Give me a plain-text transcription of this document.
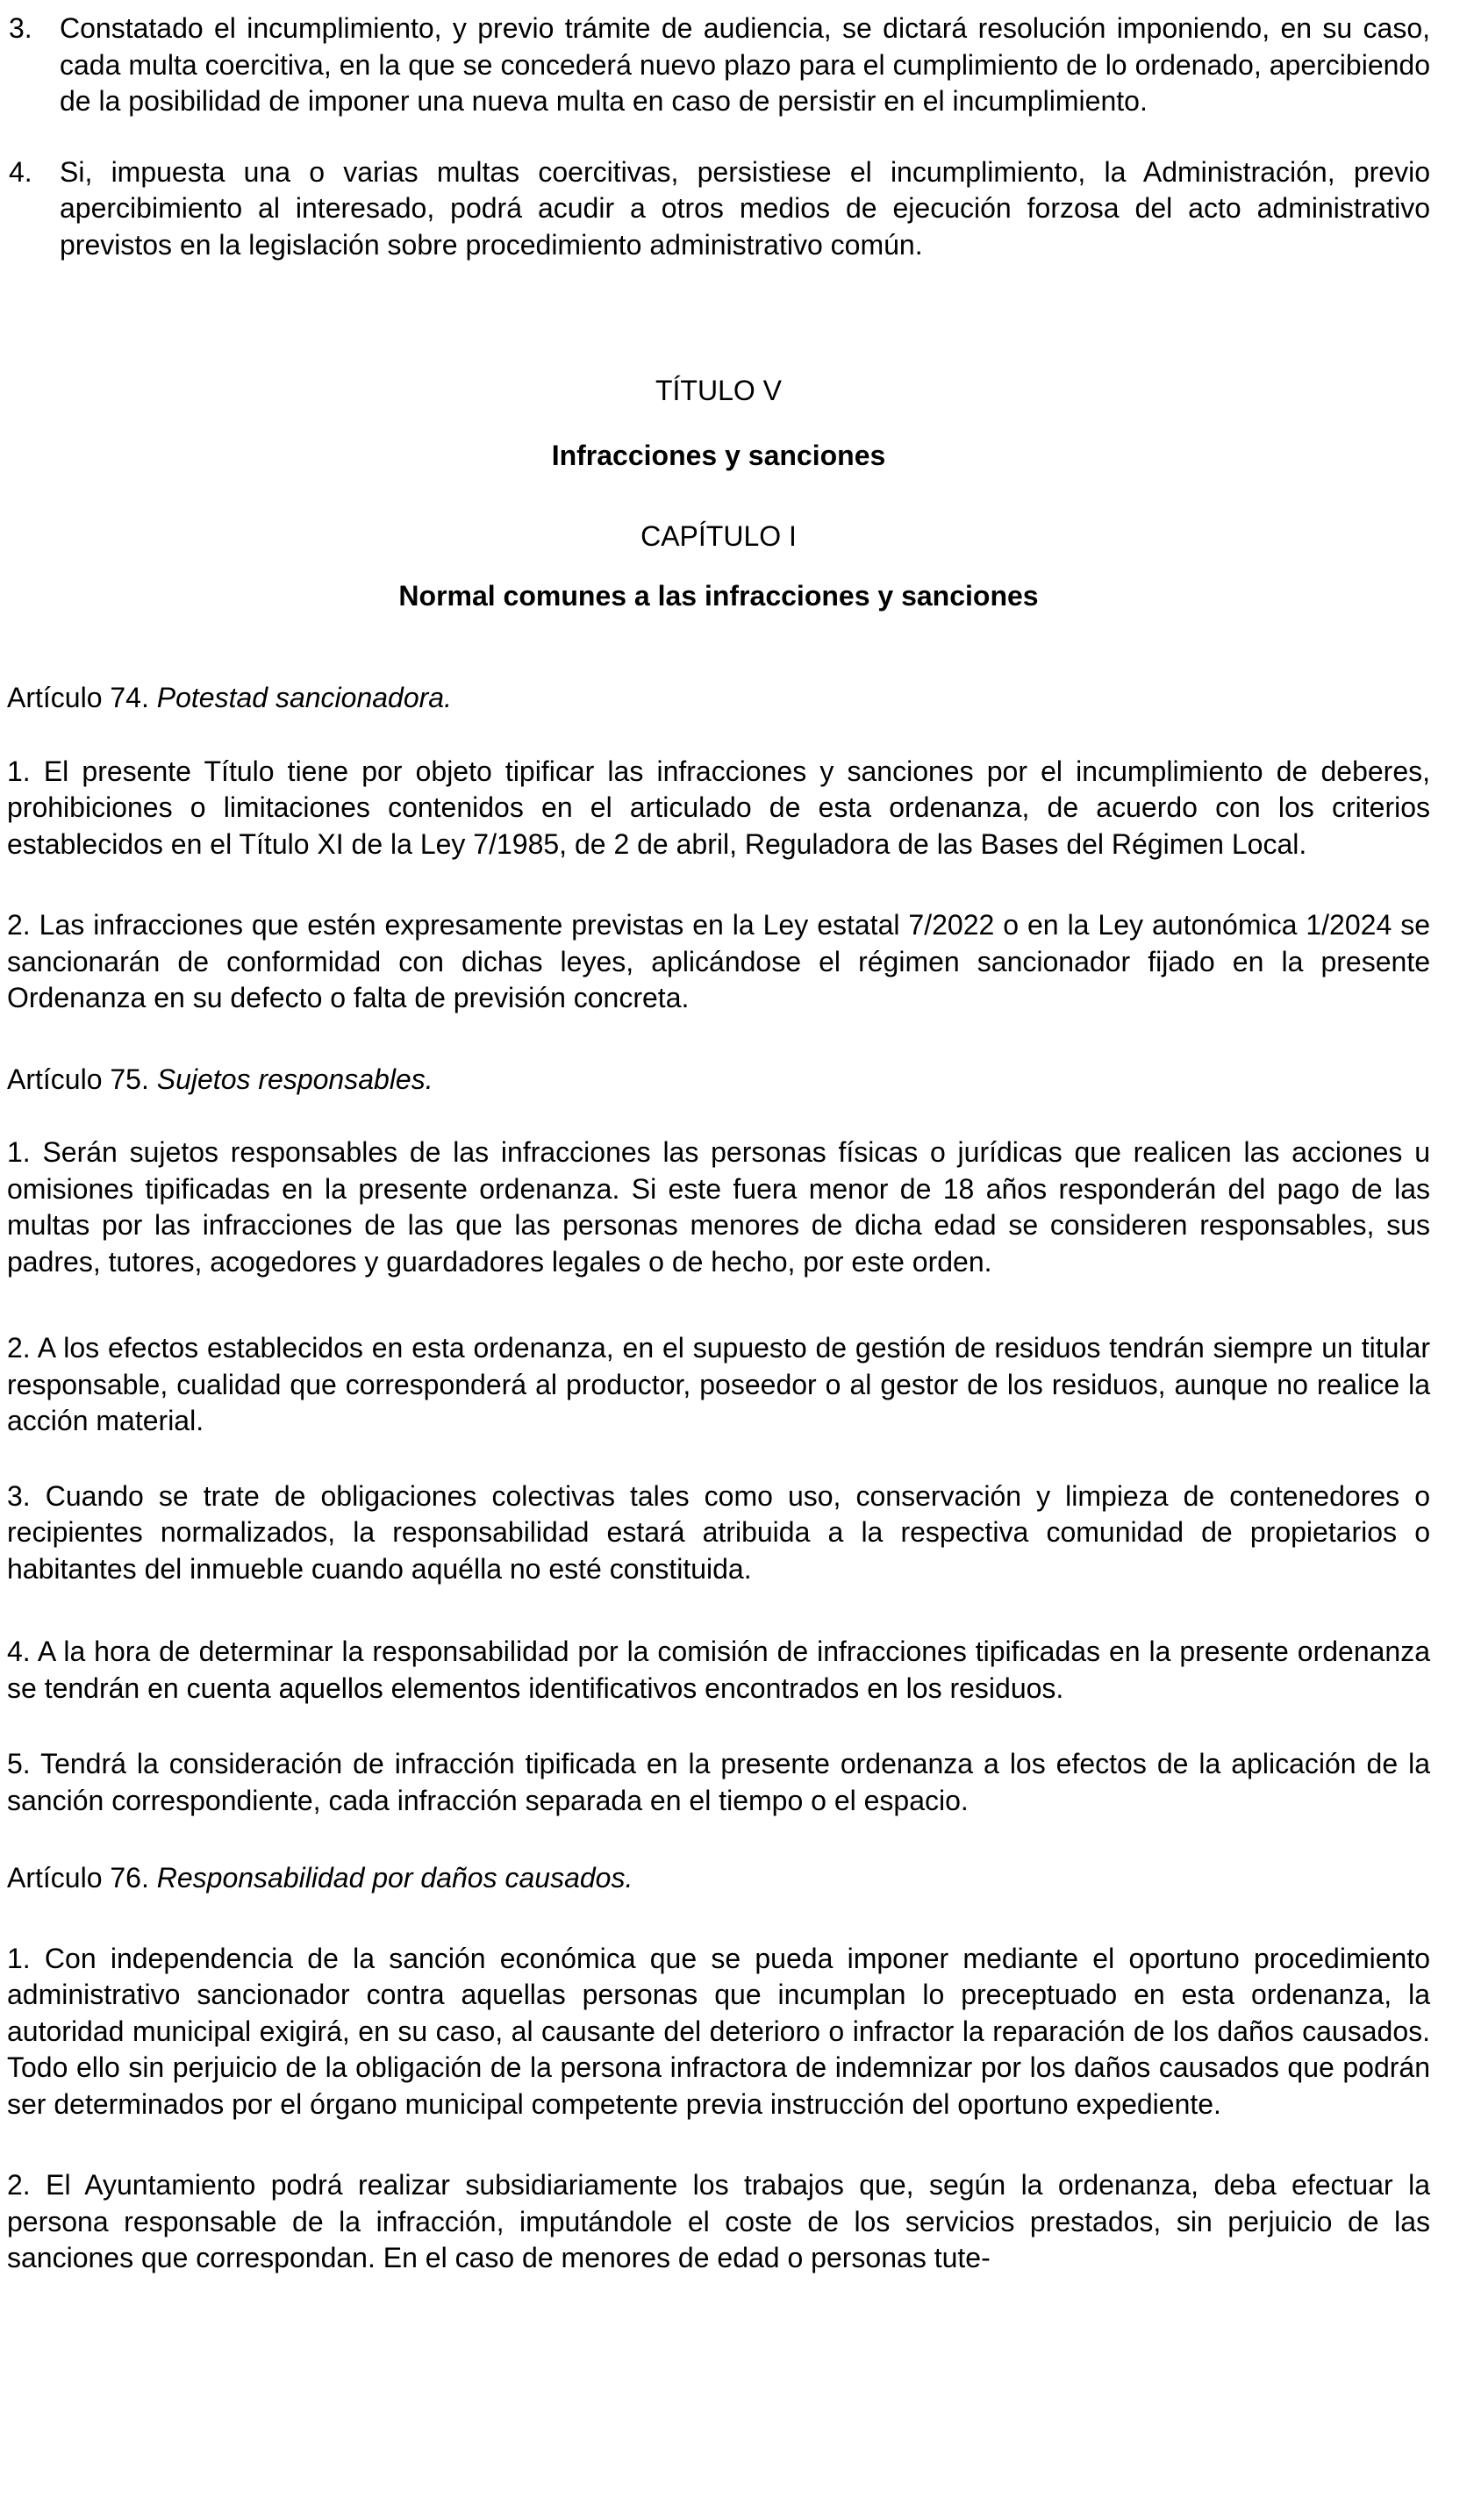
3. Constatado el incumplimiento, y previo trámite de audiencia, se dictará resolución imponiendo, en su caso, cada multa coercitiva, en la que se concederá nuevo plazo para el cumplimiento de lo ordenado, apercibiendo de la posibilidad de imponer una nueva multa en caso de persistir en el incumplimiento.
4. Si, impuesta una o varias multas coercitivas, persistiese el incumplimiento, la Administración, previo apercibimiento al interesado, podrá acudir a otros medios de ejecución forzosa del acto administrativo previstos en la legislación sobre procedimiento administrativo común.

TÍTULO V

Infracciones y sanciones

CAPÍTULO I

Normal comunes a las infracciones y sanciones

Artículo 74. Potestad sancionadora.

1. El presente Título tiene por objeto tipificar las infracciones y sanciones por el incumplimiento de deberes, prohibiciones o limitaciones contenidos en el articulado de esta ordenanza, de acuerdo con los criterios establecidos en el Título XI de la Ley 7/1985, de 2 de abril, Reguladora de las Bases del Régimen Local.

2. Las infracciones que estén expresamente previstas en la Ley estatal 7/2022 o en la Ley autonómica 1/2024 se sancionarán de conformidad con dichas leyes, aplicándose el régimen sancionador fijado en la presente Ordenanza en su defecto o falta de previsión concreta.

Artículo 75. Sujetos responsables.

1. Serán sujetos responsables de las infracciones las personas físicas o jurídicas que realicen las acciones u omisiones tipificadas en la presente ordenanza. Si este fuera menor de 18 años responderán del pago de las multas por las infracciones de las que las personas menores de dicha edad se consideren responsables, sus padres, tutores, acogedores y guardadores legales o de hecho, por este orden.

2. A los efectos establecidos en esta ordenanza, en el supuesto de gestión de residuos tendrán siempre un titular responsable, cualidad que corresponderá al productor, poseedor o al gestor de los residuos, aunque no realice la acción material.

3. Cuando se trate de obligaciones colectivas tales como uso, conservación y limpieza de contenedores o recipientes normalizados, la responsabilidad estará atribuida a la respectiva comunidad de propietarios o habitantes del inmueble cuando aquélla no esté constituida.

4. A la hora de determinar la responsabilidad por la comisión de infracciones tipificadas en la presente ordenanza se tendrán en cuenta aquellos elementos identificativos encontrados en los residuos.

5. Tendrá la consideración de infracción tipificada en la presente ordenanza a los efectos de la aplicación de la sanción correspondiente, cada infracción separada en el tiempo o el espacio.

Artículo 76. Responsabilidad por daños causados.

1. Con independencia de la sanción económica que se pueda imponer mediante el oportuno procedimiento administrativo sancionador contra aquellas personas que incumplan lo preceptuado en esta ordenanza, la autoridad municipal exigirá, en su caso, al causante del deterioro o infractor la reparación de los daños causados. Todo ello sin perjuicio de la obligación de la persona infractora de indemnizar por los daños causados que podrán ser determinados por el órgano municipal competente previa instrucción del oportuno expediente.

2. El Ayuntamiento podrá realizar subsidiariamente los trabajos que, según la ordenanza, deba efectuar la persona responsable de la infracción, imputándole el coste de los servicios prestados, sin perjuicio de las sanciones que correspondan. En el caso de menores de edad o personas tute-
